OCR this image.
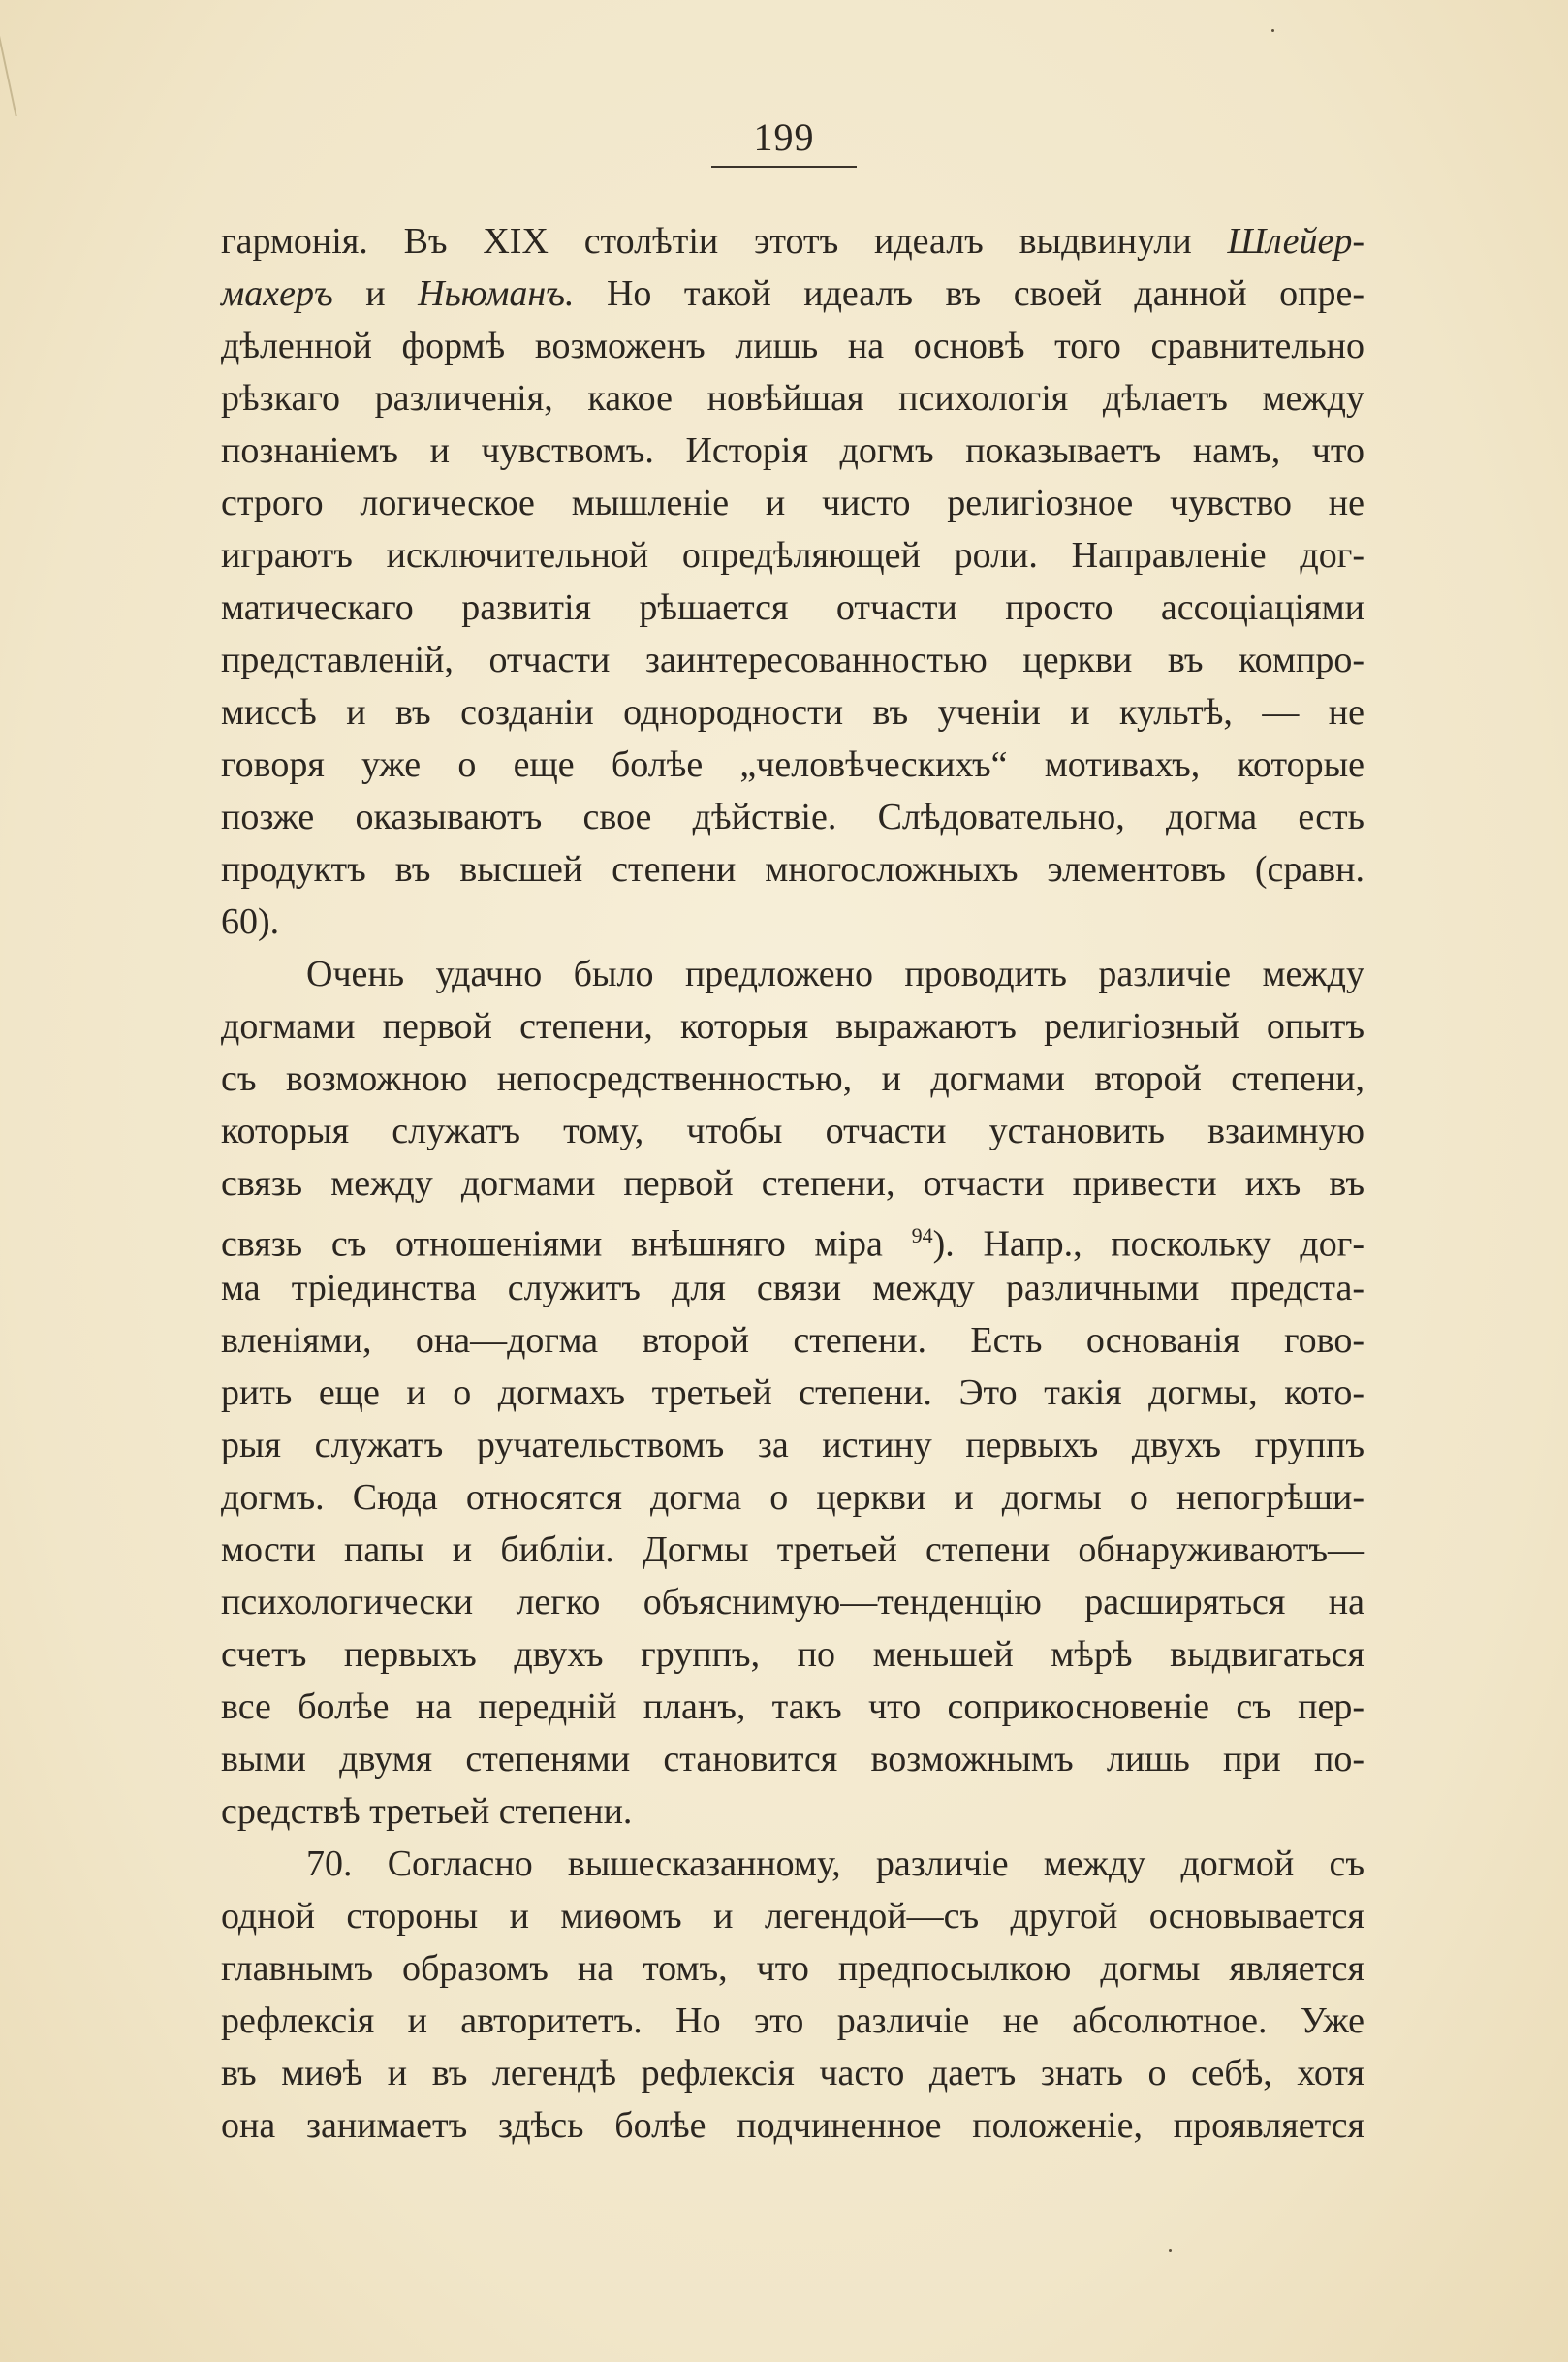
199
гармонія. Въ XIX столѣтіи этотъ идеалъ выдвинули Шлейер-
махеръ и Ньюманъ. Но такой идеалъ въ своей данной опре-
дѣленной формѣ возможенъ лишь на основѣ того сравнительно
рѣзкаго различенія, какое новѣйшая психологія дѣлаетъ между
познаніемъ и чувствомъ. Исторія догмъ показываетъ намъ, что
строго логическое мышленіе и чисто религіозное чувство не
играютъ исключительной опредѣляющей роли. Направленіе дог-
матическаго развитія рѣшается отчасти просто ассоціаціями
представленій, отчасти заинтересованностью церкви въ компро-
миссѣ и въ созданіи однородности въ ученіи и культѣ, — не
говоря уже о еще болѣе „человѣческихъ“ мотивахъ, которые
позже оказываютъ свое дѣйствіе. Слѣдовательно, догма есть
продуктъ въ высшей степени многосложныхъ элементовъ (сравн.
60).
Очень удачно было предложено проводить различіе между
догмами первой степени, которыя выражаютъ религіозный опытъ
съ возможною непосредственностью, и догмами второй степени,
которыя служатъ тому, чтобы отчасти установить взаимную
связь между догмами первой степени, отчасти привести ихъ въ
связь съ отношеніями внѣшняго міра $^{94}$). Напр., поскольку дог-
ма тріединства служитъ для связи между различными предста-
вленіями, она—догма второй степени. Есть основанія гово-
рить еще и о догмахъ третьей степени. Это такія догмы, кото-
рыя служатъ ручательствомъ за истину первыхъ двухъ группъ
догмъ. Сюда относятся догма о церкви и догмы о непогрѣши-
мости папы и библіи. Догмы третьей степени обнаруживаютъ—
психологически легко объяснимую—тенденцію расширяться на
счетъ первыхъ двухъ группъ, по меньшей мѣрѣ выдвигаться
все болѣе на передній планъ, такъ что соприкосновеніе съ пер-
выми двумя степенями становится возможнымъ лишь при по-
средствѣ третьей степени.
70. Согласно вышесказанному, различіе между догмой съ
одной стороны и миѳомъ и легендой—съ другой основывается
главнымъ образомъ на томъ, что предпосылкою догмы является
рефлексія и авторитетъ. Но это различіе не абсолютное. Уже
въ миѳѣ и въ легендѣ рефлексія часто даетъ знать о себѣ, хотя
она занимаетъ здѣсь болѣе подчиненное положеніе, проявляется
